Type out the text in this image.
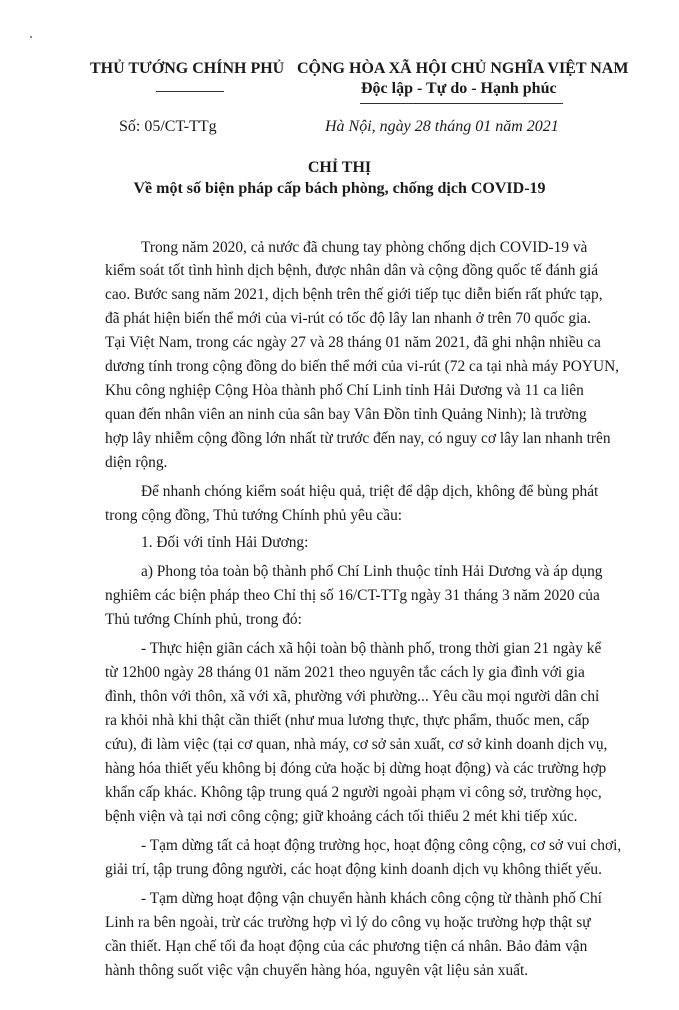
THỦ TƯỚNG CHÍNH PHỦ CỘNG HÒA XÃ HỘI CHỦ NGHĨA VIỆT NAM
Độc lập - Tự do - Hạnh phúc
Số: 05/CT-TTg	Hà Nội, ngày 28 tháng 01 năm 2021
CHỈ THỊ
Về một số biện pháp cấp bách phòng, chống dịch COVID-19
Trong năm 2020, cả nước đã chung tay phòng chống dịch COVID-19 và
kiểm soát tốt tình hình dịch bệnh, được nhân dân và cộng đồng quốc tế đánh giá
cao. Bước sang năm 2021, dịch bệnh trên thế giới tiếp tục diễn biến rất phức tạp,
đã phát hiện biến thể mới của vi-rút có tốc độ lây lan nhanh ở trên 70 quốc gia.
Tại Việt Nam, trong các ngày 27 và 28 tháng 01 năm 2021, đã ghi nhận nhiều ca
dương tính trong cộng đồng do biến thể mới của vi-rút (72 ca tại nhà máy POYUN,
Khu công nghiệp Cộng Hòa thành phố Chí Linh tỉnh Hải Dương và 11 ca liên
quan đến nhân viên an ninh của sân bay Vân Đồn tỉnh Quảng Ninh); là trường
hợp lây nhiễm cộng đồng lớn nhất từ trước đến nay, có nguy cơ lây lan nhanh trên
diện rộng.
Để nhanh chóng kiểm soát hiệu quả, triệt để dập dịch, không để bùng phát
trong cộng đồng, Thủ tướng Chính phủ yêu cầu:
1. Đối với tỉnh Hải Dương:
a) Phong tỏa toàn bộ thành phố Chí Linh thuộc tỉnh Hải Dương và áp dụng
nghiêm các biện pháp theo Chỉ thị số 16/CT-TTg ngày 31 tháng 3 năm 2020 của
Thủ tướng Chính phủ, trong đó:
- Thực hiện giãn cách xã hội toàn bộ thành phố, trong thời gian 21 ngày kể
từ 12h00 ngày 28 tháng 01 năm 2021 theo nguyên tắc cách ly gia đình với gia
đình, thôn với thôn, xã với xã, phường với phường... Yêu cầu mọi người dân chỉ
ra khỏi nhà khi thật cần thiết (như mua lương thực, thực phẩm, thuốc men, cấp
cứu), đi làm việc (tại cơ quan, nhà máy, cơ sở sản xuất, cơ sở kinh doanh dịch vụ,
hàng hóa thiết yếu không bị đóng cửa hoặc bị dừng hoạt động) và các trường hợp
khẩn cấp khác. Không tập trung quá 2 người ngoài phạm vi công sở, trường học,
bệnh viện và tại nơi công cộng; giữ khoảng cách tối thiểu 2 mét khi tiếp xúc.
- Tạm dừng tất cả hoạt động trường học, hoạt động công cộng, cơ sở vui chơi,
giải trí, tập trung đông người, các hoạt động kinh doanh dịch vụ không thiết yếu.
- Tạm dừng hoạt động vận chuyển hành khách công cộng từ thành phố Chí
Linh ra bên ngoài, trừ các trường hợp vì lý do công vụ hoặc trường hợp thật sự
cần thiết. Hạn chế tối đa hoạt động của các phương tiện cá nhân. Bảo đảm vận
hành thông suốt việc vận chuyển hàng hóa, nguyên vật liệu sản xuất.
